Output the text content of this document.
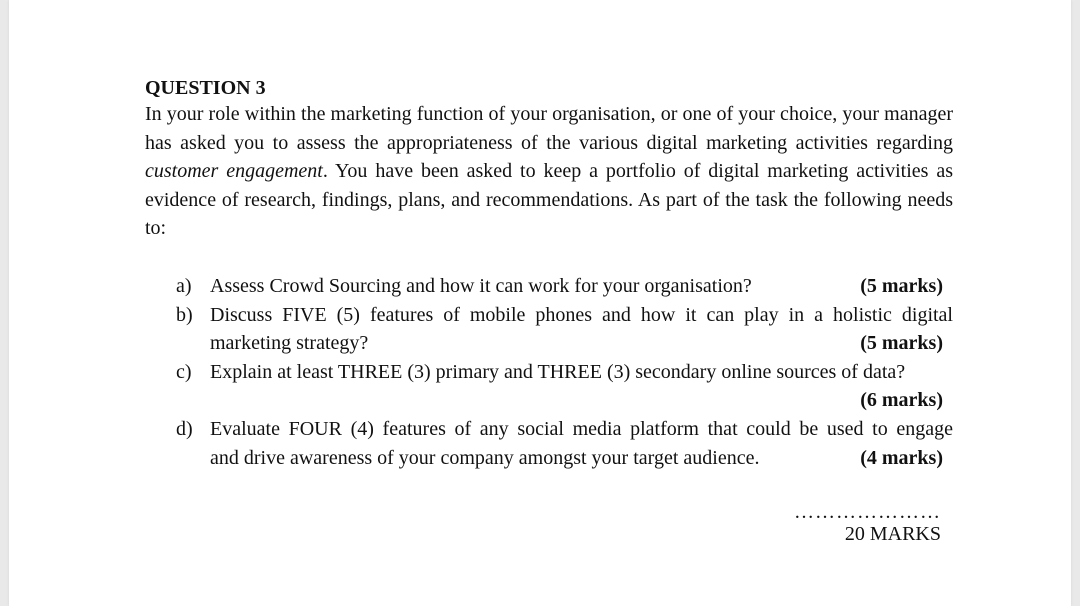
QUESTION 3

In your role within the marketing function of your organisation, or one of your choice, your manager has asked you to assess the appropriateness of the various digital marketing activities regarding customer engagement. You have been asked to keep a portfolio of digital marketing activities as evidence of research, findings, plans, and recommendations. As part of the task the following needs to:

a) Assess Crowd Sourcing and how it can work for your organisation?	(5 marks)
b) Discuss FIVE (5) features of mobile phones and how it can play in a holistic digital
marketing strategy?	(5 marks)
c) Explain at least THREE (3) primary and THREE (3) secondary online sources of data?
(6 marks)
d) Evaluate FOUR (4) features of any social media platform that could be used to engage
and drive awareness of your company amongst your target audience.	(4 marks)
…………………
20 MARKS
